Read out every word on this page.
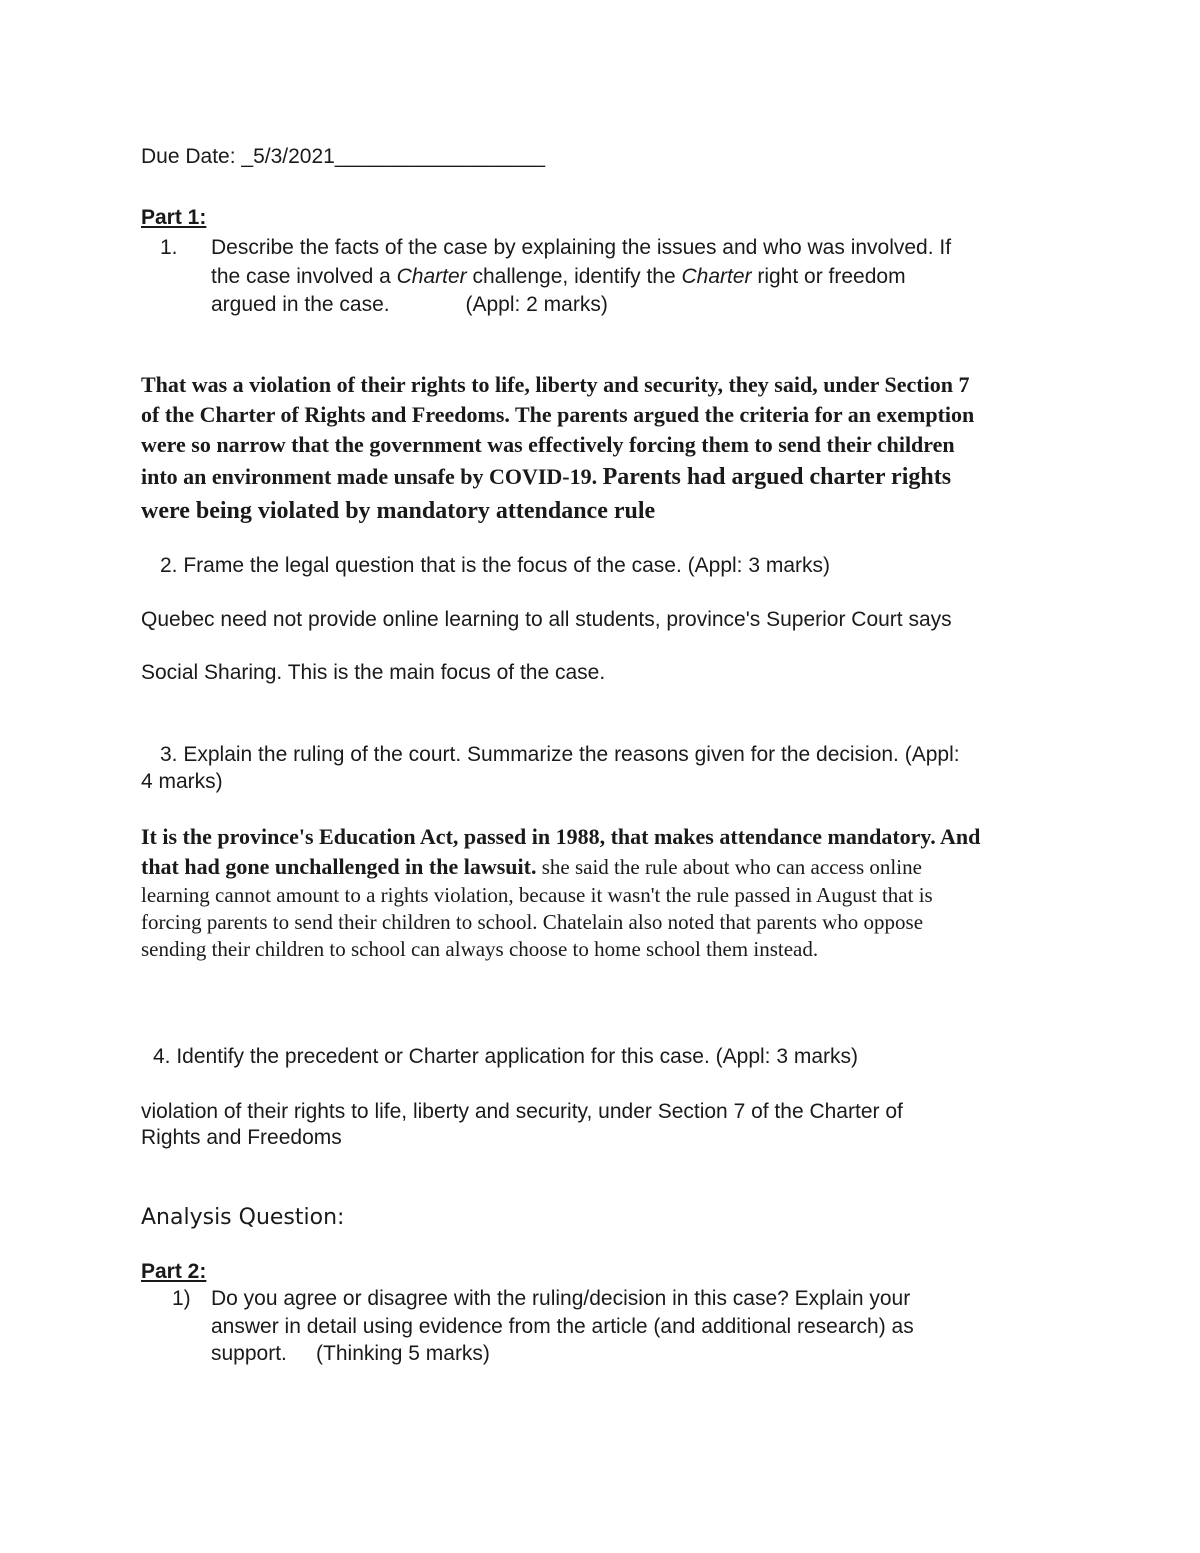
Due Date: _5/3/2021__________________
Part 1:
1. Describe the facts of the case by explaining the issues and who was involved. If
the case involved a Charter challenge, identify the Charter right or freedom
argued in the case.             (Appl: 2 marks)
That was a violation of their rights to life, liberty and security, they said, under Section 7
of the Charter of Rights and Freedoms. The parents argued the criteria for an exemption
were so narrow that the government was effectively forcing them to send their children
into an environment made unsafe by COVID-19. Parents had argued charter rights
were being violated by mandatory attendance rule
2. Frame the legal question that is the focus of the case. (Appl: 3 marks)
Quebec need not provide online learning to all students, province's Superior Court says
Social Sharing. This is the main focus of the case.
3. Explain the ruling of the court. Summarize the reasons given for the decision. (Appl:
4 marks)
It is the province's Education Act, passed in 1988, that makes attendance mandatory. And
that had gone unchallenged in the lawsuit. she said the rule about who can access online
learning cannot amount to a rights violation, because it wasn't the rule passed in August that is
forcing parents to send their children to school. Chatelain also noted that parents who oppose
sending their children to school can always choose to home school them instead.
4. Identify the precedent or Charter application for this case. (Appl: 3 marks)
violation of their rights to life, liberty and security, under Section 7 of the Charter of
Rights and Freedoms
Analysis Question:
Part 2:
1) Do you agree or disagree with the ruling/decision in this case? Explain your
answer in detail using evidence from the article (and additional research) as
support.     (Thinking 5 marks)
